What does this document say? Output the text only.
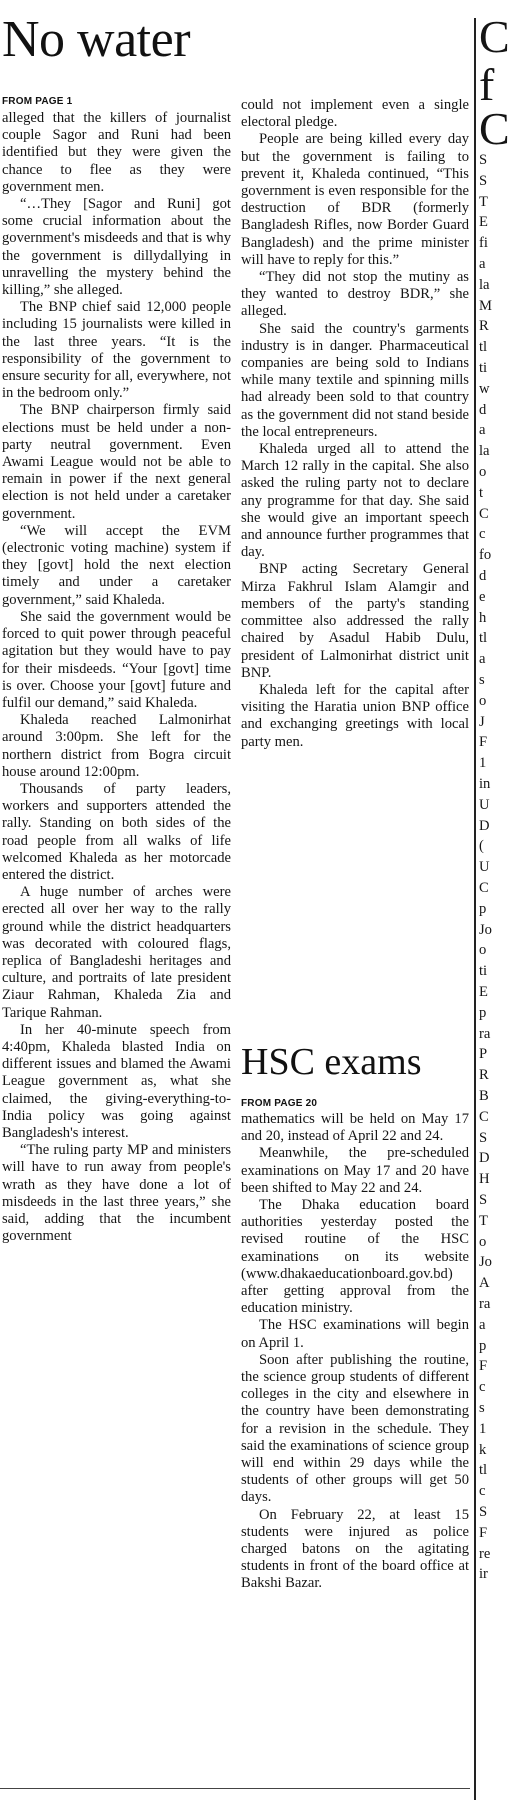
No water
FROM PAGE 1

alleged that the killers of journalist couple Sagor and Runi had been identified but they were given the chance to flee as they were government men.

“…They [Sagor and Runi] got some crucial information about the government's misdeeds and that is why the government is dillydallying in unravelling the mystery behind the killing,” she alleged.

The BNP chief said 12,000 people including 15 journalists were killed in the last three years. “It is the responsibility of the government to ensure security for all, everywhere, not in the bedroom only.”

The BNP chairperson firmly said elections must be held under a non-party neutral government. Even Awami League would not be able to remain in power if the next general election is not held under a caretaker government.

“We will accept the EVM (electronic voting machine) system if they [govt] hold the next election timely and under a caretaker government,” said Khaleda.

She said the government would be forced to quit power through peaceful agitation but they would have to pay for their misdeeds. “Your [govt] time is over. Choose your [govt] future and fulfil our demand,” said Khaleda.

Khaleda reached Lalmonirhat around 3:00pm. She left for the northern district from Bogra circuit house around 12:00pm.

Thousands of party leaders, workers and supporters attended the rally. Standing on both sides of the road people from all walks of life welcomed Khaleda as her motorcade entered the district.

A huge number of arches were erected all over her way to the rally ground while the district headquarters was decorated with coloured flags, replica of Bangladeshi heritages and culture, and portraits of late president Ziaur Rahman, Khaleda Zia and Tarique Rahman.

In her 40-minute speech from 4:40pm, Khaleda blasted India on different issues and blamed the Awami League government as, what she claimed, the giving-everything-to-India policy was going against Bangladesh's interest.

“The ruling party MP and ministers will have to run away from people's wrath as they have done a lot of misdeeds in the last three years,” she said, adding that the incumbent government

could not implement even a single electoral pledge.

People are being killed every day but the government is failing to prevent it, Khaleda continued, “This government is even responsible for the destruction of BDR (formerly Bangladesh Rifles, now Border Guard Bangladesh) and the prime minister will have to reply for this.”

“They did not stop the mutiny as they wanted to destroy BDR,” she alleged.

She said the country's garments industry is in danger. Pharmaceutical companies are being sold to Indians while many textile and spinning mills had already been sold to that country as the government did not stand beside the local entrepreneurs.

Khaleda urged all to attend the March 12 rally in the capital. She also asked the ruling party not to declare any programme for that day. She said she would give an important speech and announce further programmes that day.

BNP acting Secretary General Mirza Fakhrul Islam Alamgir and members of the party's standing committee also addressed the rally chaired by Asadul Habib Dulu, president of Lalmonirhat district unit BNP.

Khaleda left for the capital after visiting the Haratia union BNP office and exchanging greetings with local party men.

HSC exams
FROM PAGE 20

mathematics will be held on May 17 and 20, instead of April 22 and 24.

Meanwhile, the pre-scheduled examinations on May 17 and 20 have been shifted to May 22 and 24.

The Dhaka education board authorities yesterday posted the revised routine of the HSC examinations on its website (www.dhakaeducationboard.gov.bd) after getting approval from the education ministry.

The HSC examinations will begin on April 1.

Soon after publishing the routine, the science group students of different colleges in the city and elsewhere in the country have been demonstrating for a revision in the schedule. They said the examinations of science group will end within 29 days while the students of other groups will get 50 days.

On February 22, at least 15 students were injured as police charged batons on the agitating students in front of the board office at Bakshi Bazar.

C
f
C
S
S
T
E
fi
a
la
M
R
tl
ti
w
d
a
la
o
t
C
c
fo
d
e
h
tl
a
s
o
J
F
1
in
U
D
(
U
C
p
Jo
o
ti
E
p
ra
P
R
B
C
S
D
H
S
T
o
Jo
A
ra
a
p
F
c
s
1
k
tl
c
S
F
re
ir
